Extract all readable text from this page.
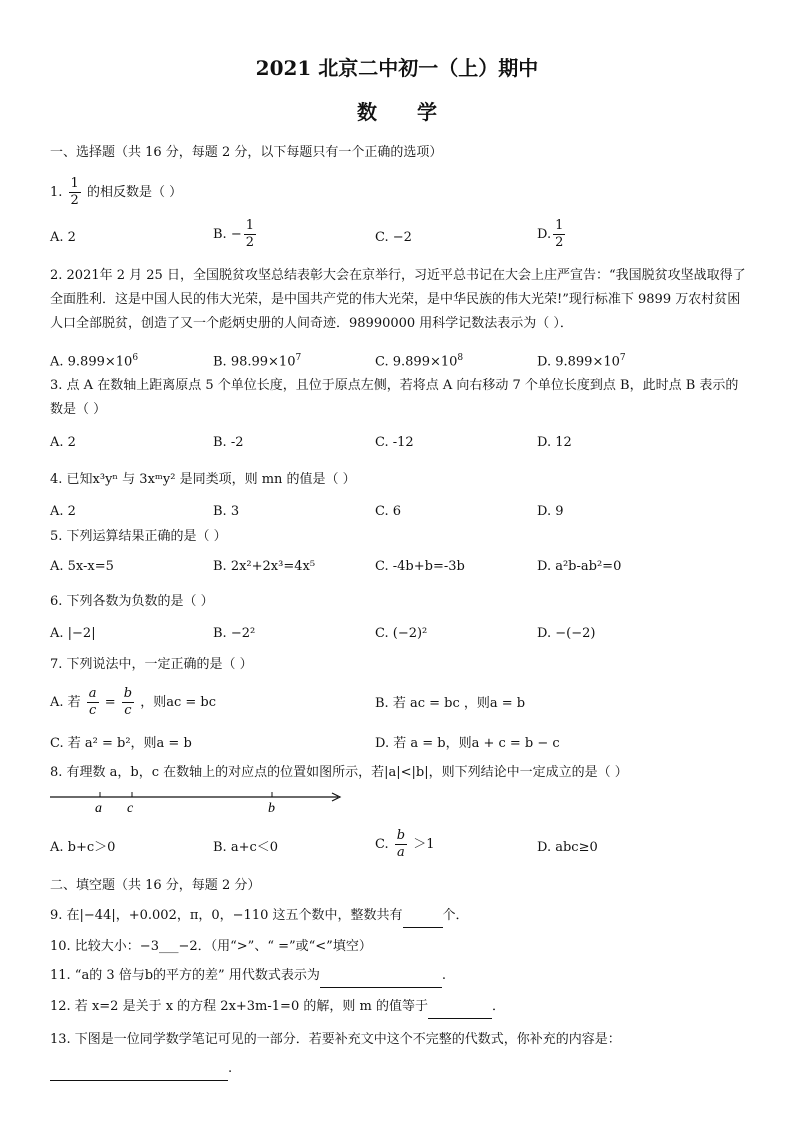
2021 北京二中初一（上）期中
数学
一、选择题（共 16 分，每题 2 分，以下每题只有一个正确的选项）
1. $\frac{1}{2}$ 的相反数是（ ）
A. 2	B. − $\frac{1}{2}$	C. −2	D. $\frac{1}{2}$
2. 2021年 2 月 25 日，全国脱贫攻坚总结表彰大会在京举行，习近平总书记在大会上庄严宣告：“我国脱贫攻坚战取得了全面胜利．这是中国人民的伟大光荣，是中国共产党的伟大光荣，是中华民族的伟大光荣!”现行标准下 9899 万农村贫困人口全部脱贫，创造了又一个彪炳史册的人间奇迹．98990000 用科学记数法表示为（ ）．
A. $9.899\times 10^6$	B. $98.99\times 10^7$	C. $9.899\times 10^8$	D. $9.899\times 10^7$
3. 点 A 在数轴上距离原点 5 个单位长度，且位于原点左侧，若将点 A 向右移动 7 个单位长度到点 B，此时点 B 表示的数是（ ）
A. 2	B. -2	C. -12	D. 12
4. 已知x³yⁿ 与 3xᵐy² 是同类项，则 mn 的值是（ ）
A. 2	B. 3	C. 6	D. 9
5. 下列运算结果正确的是（ ）
A. 5x-x=5	B. 2x²+2x³=4x⁵	C. -4b+b=-3b	D. a²b-ab²=0
6. 下列各数为负数的是（ ）
A. |−2|	B. −2²	C. (−2)²	D. −(−2)
7. 下列说法中，一定正确的是（ ）
A. 若 $\frac{a}{c} = \frac{b}{c}$ ，则ac = bc	B. 若 ac = bc ，则a = b
C. 若 a² = b²，则a = b	D. 若 a = b，则a + c = b − c
8. 有理数 a，b，c 在数轴上的对应点的位置如图所示，若|a|<|b|，则下列结论中一定成立的是（ ）
a c	b
A. b+c＞0	B. a+c＜0	C. $\frac{b}{a} >1$	D. abc≥0
二、填空题（共 16 分，每题 2 分）
9. 在|−44|，+0.002，π，0，−110 这五个数中，整数共有	个．
10. 比较大小：−3___−2．（用“>”、“ =”或“<”填空）
11. “a的 3 倍与b的平方的差” 用代数式表示为	.
12. 若 x=2 是关于 x 的方程 2x+3m-1=0 的解，则 m 的值等于	．
13. 下图是一位同学数学笔记可见的一部分．若要补充文中这个不完整的代数式，你补充的内容是：
.
